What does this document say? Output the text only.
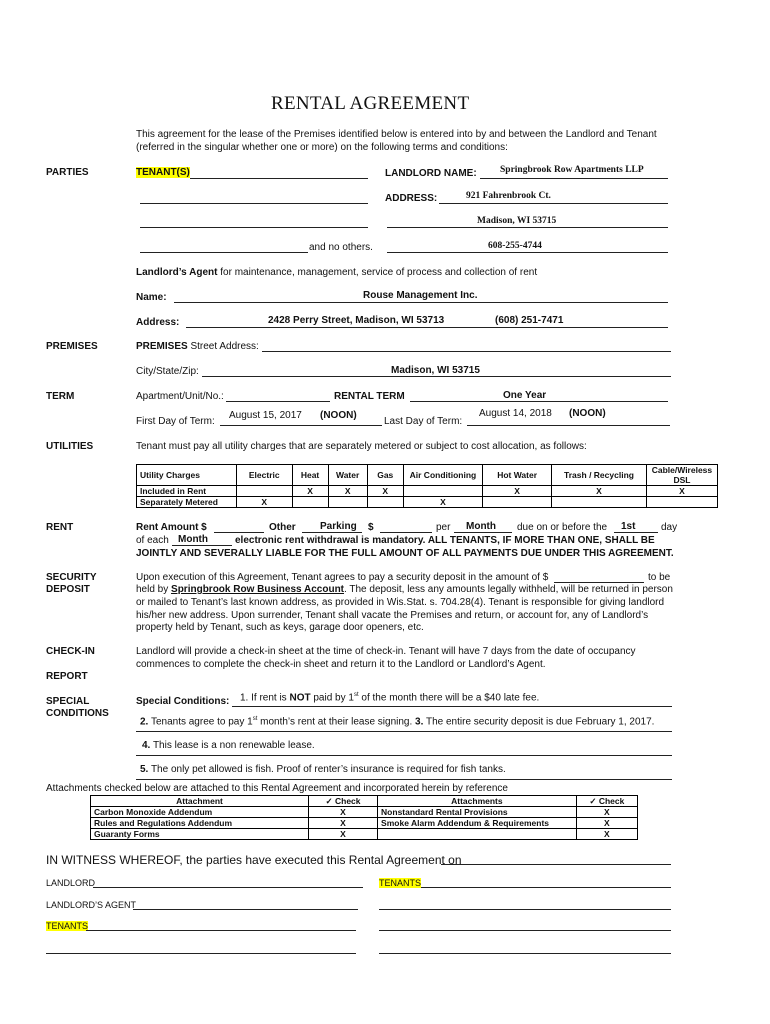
RENTAL AGREEMENT
This agreement for the lease of the Premises identified below is entered into by and between the Landlord and Tenant
(referred in the singular whether one or more) on the following terms and conditions:
PARTIES	TENANT(S)	LANDLORD NAME: Springbrook Row Apartments LLP
ADDRESS:	921 Fahrenbrook Ct.
Madison, WI 53715
and no others.	608-255-4744
Landlord’s Agent for maintenance, management, service of process and collection of rent
Name:	Rouse Management Inc.
Address:	2428 Perry Street, Madison, WI 53713	(608) 251-7471
PREMISES	PREMISES Street Address:
City/State/Zip:	Madison, WI 53715
TERM	Apartment/Unit/No.:	RENTAL TERM	One Year
First Day of Term:
August 15, 2017 (NOON)
Last Day of Term:
August 14, 2018 (NOON)
UTILITIES	Tenant must pay all utility charges that are separately metered or subject to cost allocation, as follows:
Utility Charges	Electric	Heat	Water	Gas	Air Conditioning	Hot Water	Trash / Recycling	Cable/Wireless DSL
Included in Rent		X	X	X		X	X	X
Separately Metered	X				X			
RENT	Rent Amount $	Other Parking $	per Month due on or before the 1st	day
of each Month	electronic rent withdrawal is mandatory. ALL TENANTS, IF MORE THAN ONE, SHALL BE
JOINTLY AND SEVERALLY LIABLE FOR THE FULL AMOUNT OF ALL PAYMENTS DUE UNDER THIS AGREEMENT.
SECURITY
DEPOSIT
Upon execution of this Agreement, Tenant agrees to pay a security deposit in the amount of $	to be
held by Springbrook Row Business Account. The deposit, less any amounts legally withheld, will be returned in person
or mailed to Tenant’s last known address, as provided in Wis.Stat. s. 704.28(4). Tenant is responsible for giving landlord
his/her new address. Upon surrender, Tenant shall vacate the Premises and return, or account for, any of Landlord’s
property held by Tenant, such as keys, garage door openers, etc.
CHECK-IN
REPORT
Landlord will provide a check-in sheet at the time of check-in. Tenant will have 7 days from the date of occupancy
commences to complete the check-in sheet and return it to the Landlord or Landlord’s Agent.
SPECIAL
CONDITIONS
Special Conditions: 1. If rent is NOT paid by 1st of the month there will be a $40 late fee.
2. Tenants agree to pay 1st month’s rent at their lease signing. 3. The entire security deposit is due February 1, 2017.
4. This lease is a non renewable lease.
5. The only pet allowed is fish. Proof of renter’s insurance is required for fish tanks.
Attachments checked below are attached to this Rental Agreement and incorporated herein by reference
Attachment	✓ Check	Attachments	✓ Check
Carbon Monoxide Addendum	X	Nonstandard Rental Provisions	X
Rules and Regulations Addendum	X	Smoke Alarm Addendum & Requirements	X
Guaranty Forms	X		X
IN WITNESS WHEREOF, the parties have executed this Rental Agreement on
LANDLORD	TENANTS
LANDLORD’S AGENT
TENANTS
